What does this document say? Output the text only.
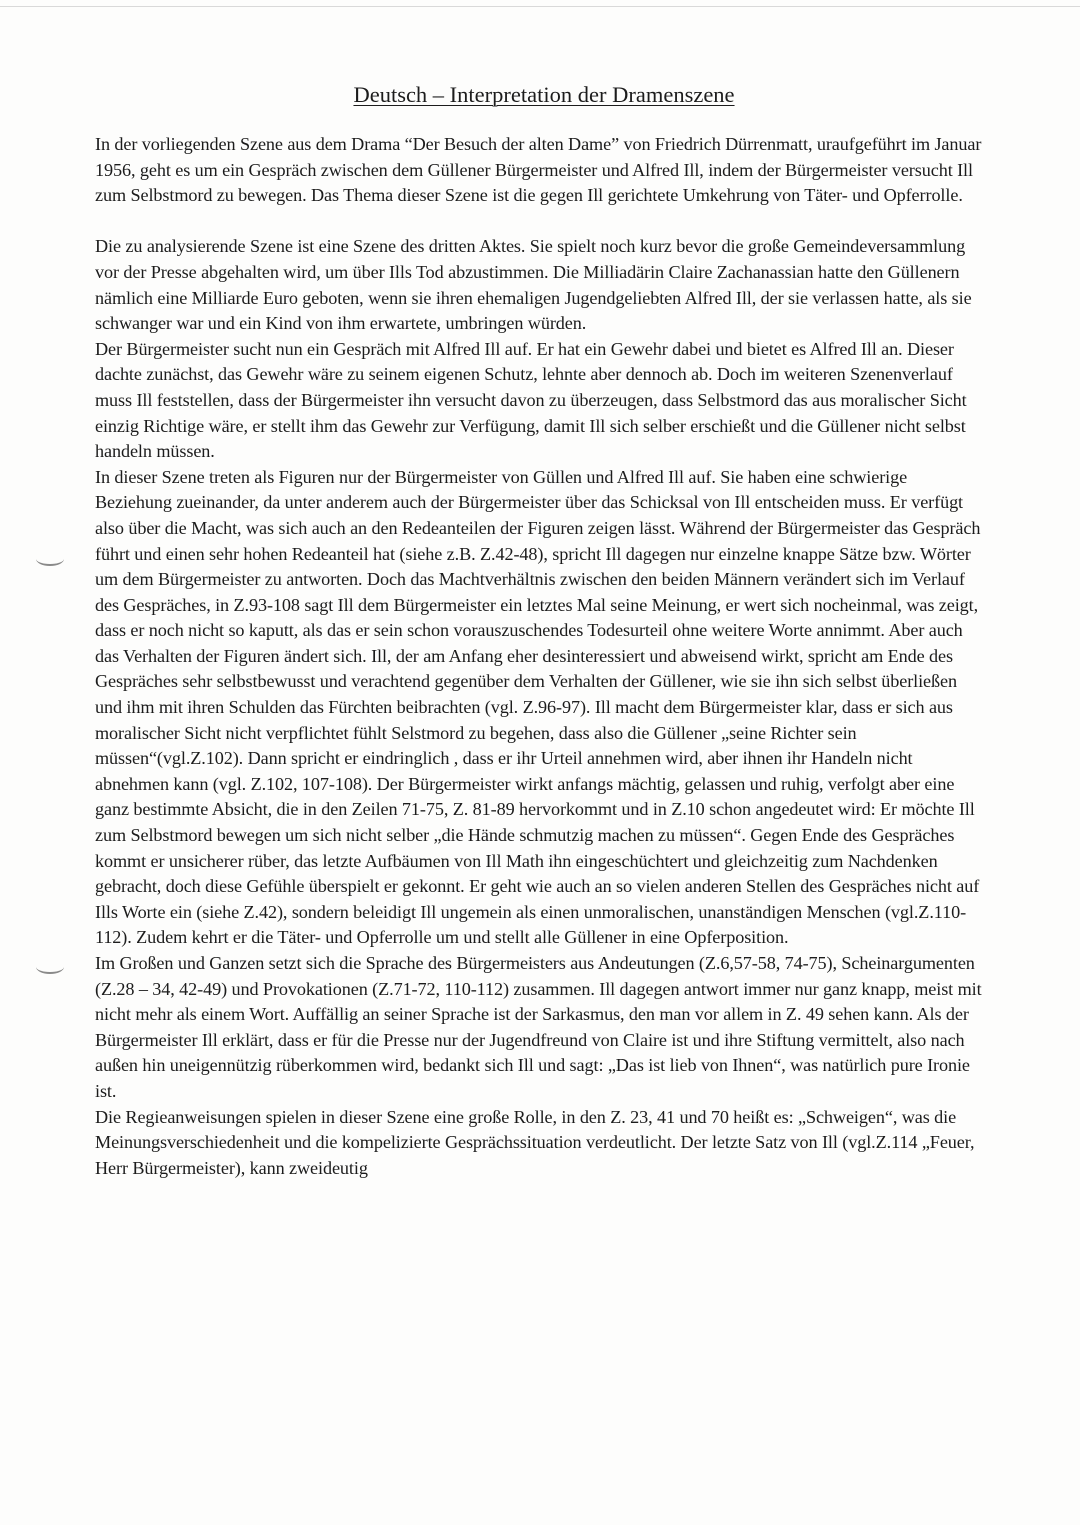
Deutsch – Interpretation der Dramenszene

In der vorliegenden Szene aus dem Drama “Der Besuch der alten Dame” von Friedrich Dürrenmatt, uraufgeführt im Januar 1956, geht es um ein Gespräch zwischen dem Güllener Bürgermeister und Alfred Ill, indem der Bürgermeister versucht Ill zum Selbstmord zu bewegen. Das Thema dieser Szene ist die gegen Ill gerichtete Umkehrung von Täter- und Opferrolle.

Die zu analysierende Szene ist eine Szene des dritten Aktes. Sie spielt noch kurz bevor die große Gemeindeversammlung vor der Presse abgehalten wird, um über Ills Tod abzustimmen. Die Milliadärin Claire Zachanassian hatte den Güllenern nämlich eine Milliarde Euro geboten, wenn sie ihren ehemaligen Jugendgeliebten Alfred Ill, der sie verlassen hatte, als sie schwanger war und ein Kind von ihm erwartete, umbringen würden.

Der Bürgermeister sucht nun ein Gespräch mit Alfred Ill auf. Er hat ein Gewehr dabei und bietet es Alfred Ill an. Dieser dachte zunächst, das Gewehr wäre zu seinem eigenen Schutz, lehnte aber dennoch ab. Doch im weiteren Szenenverlauf muss Ill feststellen, dass der Bürgermeister ihn versucht davon zu überzeugen, dass Selbstmord das aus moralischer Sicht einzig Richtige wäre, er stellt ihm das Gewehr zur Verfügung, damit Ill sich selber erschießt und die Güllener nicht selbst handeln müssen.

In dieser Szene treten als Figuren nur der Bürgermeister von Güllen und Alfred Ill auf. Sie haben eine schwierige Beziehung zueinander, da unter anderem auch der Bürgermeister über das Schicksal von Ill entscheiden muss. Er verfügt also über die Macht, was sich auch an den Redeanteilen der Figuren zeigen lässt. Während der Bürgermeister das Gespräch führt und einen sehr hohen Redeanteil hat (siehe z.B. Z.42-48), spricht Ill dagegen nur einzelne knappe Sätze bzw. Wörter um dem Bürgermeister zu antworten. Doch das Machtverhältnis zwischen den beiden Männern verändert sich im Verlauf des Gespräches, in Z.93-108 sagt Ill dem Bürgermeister ein letztes Mal seine Meinung, er wert sich nocheinmal, was zeigt, dass er noch nicht so kaputt, als das er sein schon vorauszuschendes Todesurteil ohne weitere Worte annimmt. Aber auch das Verhalten der Figuren ändert sich. Ill, der am Anfang eher desinteressiert und abweisend wirkt, spricht am Ende des Gespräches sehr selbstbewusst und verachtend gegenüber dem Verhalten der Güllener, wie sie ihn sich selbst überließen und ihm mit ihren Schulden das Fürchten beibrachten (vgl. Z.96-97). Ill macht dem Bürgermeister klar, dass er sich aus moralischer Sicht nicht verpflichtet fühlt Selstmord zu begehen, dass also die Güllener „seine Richter sein müssen“(vgl.Z.102). Dann spricht er eindringlich , dass er ihr Urteil annehmen wird, aber ihnen ihr Handeln nicht abnehmen kann (vgl. Z.102, 107-108). Der Bürgermeister wirkt anfangs mächtig, gelassen und ruhig, verfolgt aber eine ganz bestimmte Absicht, die in den Zeilen 71-75, Z. 81-89 hervorkommt und in Z.10 schon angedeutet wird: Er möchte Ill zum Selbstmord bewegen um sich nicht selber „die Hände schmutzig machen zu müssen“. Gegen Ende des Gespräches kommt er unsicherer rüber, das letzte Aufbäumen von Ill Math ihn eingeschüchtert und gleichzeitig zum Nachdenken gebracht, doch diese Gefühle überspielt er gekonnt. Er geht wie auch an so vielen anderen Stellen des Gespräches nicht auf Ills Worte ein (siehe Z.42), sondern beleidigt Ill ungemein als einen unmoralischen, unanständigen Menschen (vgl.Z.110-112). Zudem kehrt er die Täter- und Opferrolle um und stellt alle Güllener in eine Opferposition.

Im Großen und Ganzen setzt sich die Sprache des Bürgermeisters aus Andeutungen (Z.6,57-58, 74-75), Scheinargumenten (Z.28 – 34, 42-49) und Provokationen (Z.71-72, 110-112) zusammen. Ill dagegen antwort immer nur ganz knapp, meist mit nicht mehr als einem Wort. Auffällig an seiner Sprache ist der Sarkasmus, den man vor allem in Z. 49 sehen kann. Als der Bürgermeister Ill erklärt, dass er für die Presse nur der Jugendfreund von Claire ist und ihre Stiftung vermittelt, also nach außen hin uneigennützig rüberkommen wird, bedankt sich Ill und sagt: „Das ist lieb von Ihnen“, was natürlich pure Ironie ist.

Die Regieanweisungen spielen in dieser Szene eine große Rolle, in den Z. 23, 41 und 70 heißt es: „Schweigen“, was die Meinungsverschiedenheit und die kompelizierte Gesprächssituation verdeutlicht. Der letzte Satz von Ill (vgl.Z.114 „Feuer, Herr Bürgermeister), kann zweideutig
